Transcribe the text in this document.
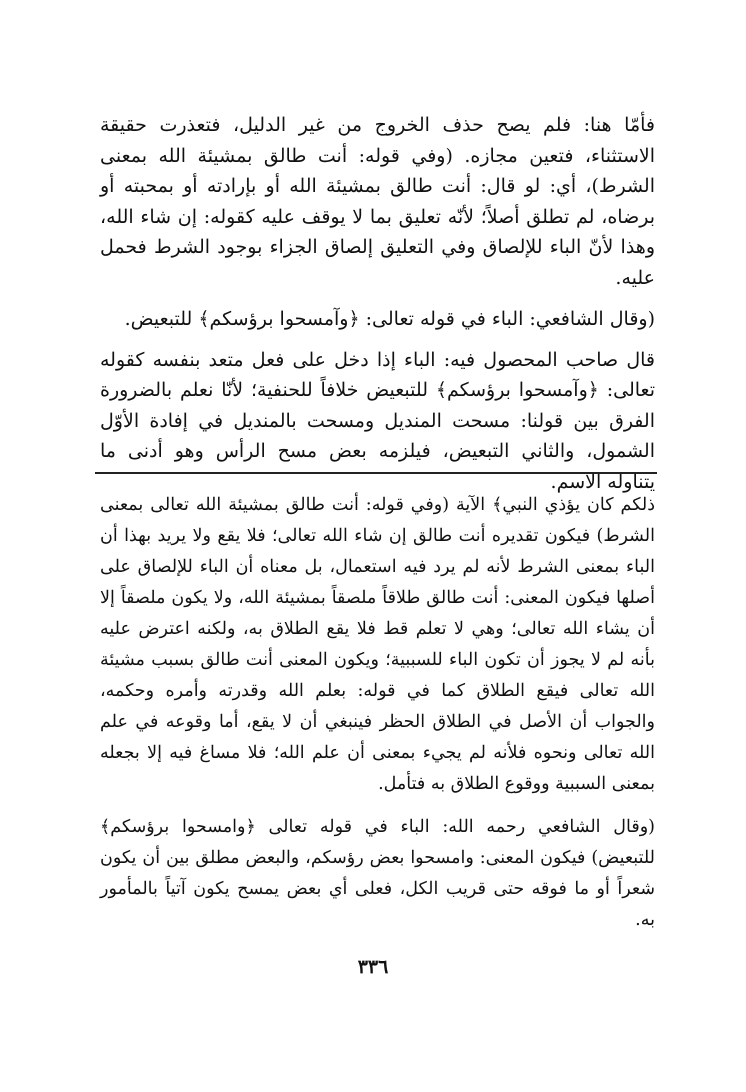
فأمّا هنا: فلم يصح حذف الخروج من غير الدليل، فتعذرت حقيقة الاستثناء، فتعين مجازه. (وفي قوله: أنت طالق بمشيئة الله بمعنى الشرط)، أي: لو قال: أنت طالق بمشيئة الله أو بإرادته أو بمحبته أو برضاه، لم تطلق أصلاً؛ لأنّه تعليق بما لا يوقف عليه كقوله: إن شاء الله، وهذا لأنّ الباء للإلصاق وفي التعليق إلصاق الجزاء بوجود الشرط فحمل عليه.

(وقال الشافعي: الباء في قوله تعالى: ﴿وآمسحوا برؤسكم﴾ للتبعيض.

قال صاحب المحصول فيه: الباء إذا دخل على فعل متعد بنفسه كقوله تعالى: ﴿وآمسحوا برؤسكم﴾ للتبعيض خلافاً للحنفية؛ لأنّا نعلم بالضرورة الفرق بين قولنا: مسحت المنديل ومسحت بالمنديل في إفادة الأوّل الشمول، والثاني التبعيض، فيلزمه بعض مسح الرأس وهو أدنى ما يتناوله الاسم.

ذلكم كان يؤذي النبي﴾ الآية (وفي قوله: أنت طالق بمشيئة الله تعالى بمعنى الشرط) فيكون تقديره أنت طالق إن شاء الله تعالى؛ فلا يقع ولا يريد بهذا أن الباء بمعنى الشرط لأنه لم يرد فيه استعمال، بل معناه أن الباء للإلصاق على أصلها فيكون المعنى: أنت طالق طلاقاً ملصقاً بمشيئة الله، ولا يكون ملصقاً إلا أن يشاء الله تعالى؛ وهي لا تعلم قط فلا يقع الطلاق به، ولكنه اعترض عليه بأنه لم لا يجوز أن تكون الباء للسببية؛ ويكون المعنى أنت طالق بسبب مشيئة الله تعالى فيقع الطلاق كما في قوله: بعلم الله وقدرته وأمره وحكمه، والجواب أن الأصل في الطلاق الحظر فينبغي أن لا يقع، أما وقوعه في علم الله تعالى ونحوه فلأنه لم يجيء بمعنى أن علم الله؛ فلا مساغ فيه إلا بجعله بمعنى السببية ووقوع الطلاق به فتأمل.

(وقال الشافعي رحمه الله: الباء في قوله تعالى ﴿وامسحوا برؤسكم﴾ للتبعيض) فيكون المعنى: وامسحوا بعض رؤسكم، والبعض مطلق بين أن يكون شعراً أو ما فوقه حتى قريب الكل، فعلى أي بعض يمسح يكون آتياً بالمأمور به.

٣٣٦
